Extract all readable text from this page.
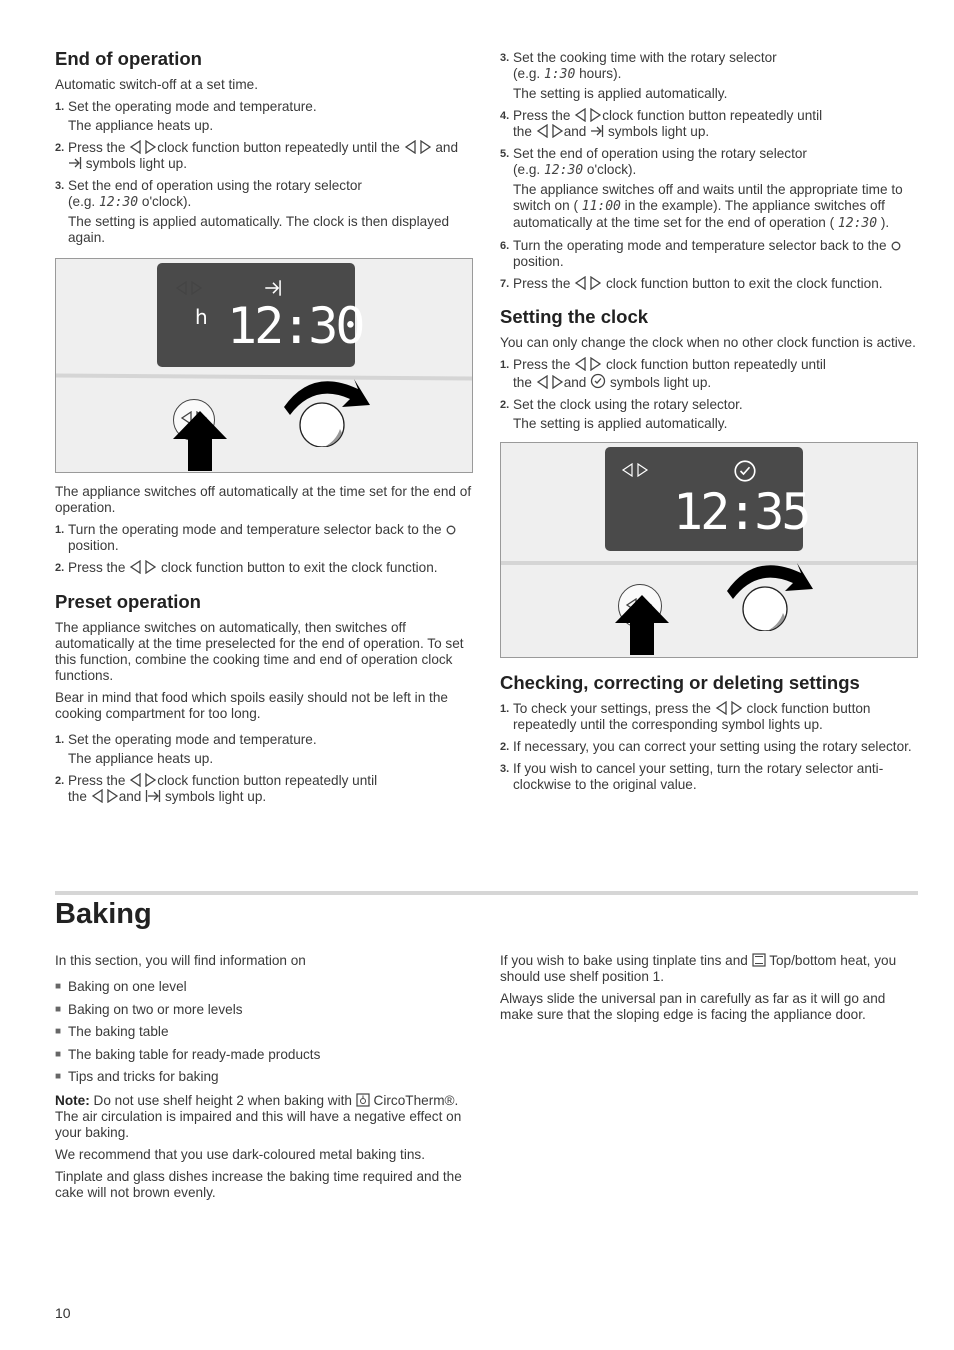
End of operation

Automatic switch-off at a set time.

1. Set the operating mode and temperature.
The appliance heats up.
2. Press the clock function button repeatedly until the	and  symbols light up.
3. Set the end of operation using the rotary selector
(e.g. 12:30 o'clock).
The setting is applied automatically. The clock is then displayed again.
h 12:30

The appliance switches off automatically at the time set for the end of operation.

1. Turn the operating mode and temperature selector back to the  position.
2. Press the	clock function button to exit the clock function.
Preset operation

The appliance switches on automatically, then switches off automatically at the time preselected for the end of operation. To set this function, combine the cooking time and end of operation clock functions.

Bear in mind that food which spoils easily should not be left in the cooking compartment for too long.

1. Set the operating mode and temperature.
The appliance heats up.
2. Press the clock function button repeatedly until
the and symbols light up.
3. Set the cooking time with the rotary selector
(e.g. 1:30 hours).
The setting is applied automatically.
4. Press the clock function button repeatedly until
the and symbols light up.
5. Set the end of operation using the rotary selector
(e.g. 12:30 o'clock).
The appliance switches off and waits until the appropriate time to switch on ( 11:00 in the example). The appliance switches off automatically at the time set for the end of operation ( 12:30 ).
6. Turn the operating mode and temperature selector back to the  position.
7. Press the	clock function button to exit the clock function.
Setting the clock

You can only change the clock when no other clock function is active.

1. Press the	clock function button repeatedly until
the and symbols light up.
2. Set the clock using the rotary selector.
The setting is applied automatically.
12:35
Checking, correcting or deleting settings
1. To check your settings, press the	clock function button repeatedly until the corresponding symbol lights up.
2. If necessary, you can correct your setting using the rotary selector.
3. If you wish to cancel your setting, turn the rotary selector anti-clockwise to the original value.
Baking

In this section, you will find information on

■ Baking on one level
■ Baking on two or more levels
■ The baking table
■ The baking table for ready-made products
■ Tips and tricks for baking

Note: Do not use shelf height 2 when baking with CircoTherm®. The air circulation is impaired and this will have a negative effect on your baking.

We recommend that you use dark-coloured metal baking tins.

Tinplate and glass dishes increase the baking time required and the cake will not brown evenly.

If you wish to bake using tinplate tins and Top/bottom heat, you should use shelf position 1.

Always slide the universal pan in carefully as far as it will go and make sure that the sloping edge is facing the appliance door.

10
